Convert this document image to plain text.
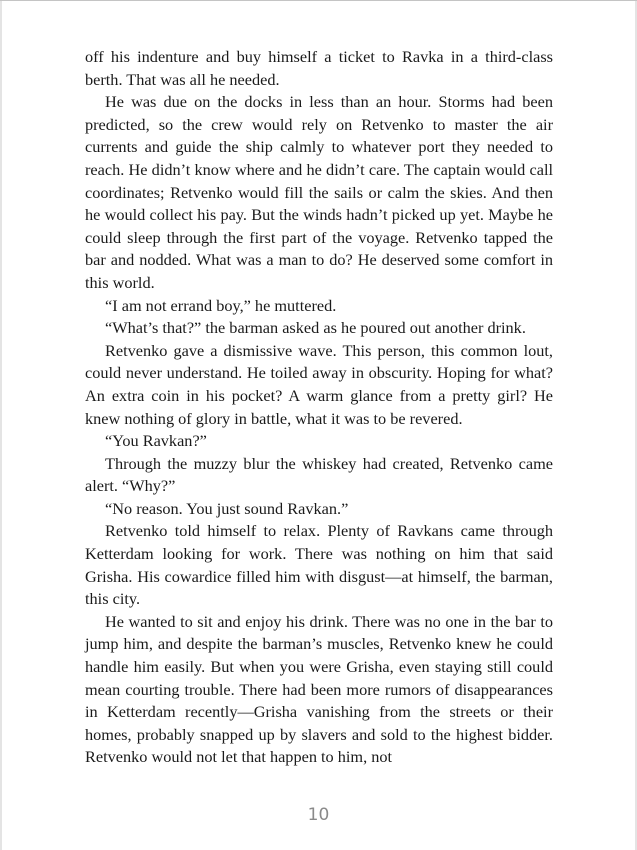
off his indenture and buy himself a ticket to Ravka in a third-class berth. That was all he needed.

He was due on the docks in less than an hour. Storms had been predicted, so the crew would rely on Retvenko to master the air currents and guide the ship calmly to whatever port they needed to reach. He didn’t know where and he didn’t care. The captain would call coordinates; Retvenko would fill the sails or calm the skies. And then he would collect his pay. But the winds hadn’t picked up yet. Maybe he could sleep through the first part of the voyage. Retvenko tapped the bar and nodded. What was a man to do? He deserved some comfort in this world.

“I am not errand boy,” he muttered.

“What’s that?” the barman asked as he poured out another drink.

Retvenko gave a dismissive wave. This person, this common lout, could never understand. He toiled away in obscurity. Hoping for what? An extra coin in his pocket? A warm glance from a pretty girl? He knew nothing of glory in battle, what it was to be revered.

“You Ravkan?”

Through the muzzy blur the whiskey had created, Retvenko came alert. “Why?”

“No reason. You just sound Ravkan.”

Retvenko told himself to relax. Plenty of Ravkans came through Ketterdam looking for work. There was nothing on him that said Grisha. His cowardice filled him with disgust—at himself, the barman, this city.

He wanted to sit and enjoy his drink. There was no one in the bar to jump him, and despite the barman’s muscles, Retvenko knew he could handle him easily. But when you were Grisha, even staying still could mean courting trouble. There had been more rumors of disappearances in Ketterdam recently—Grisha vanishing from the streets or their homes, probably snapped up by slavers and sold to the highest bidder. Retvenko would not let that happen to him, not

10
